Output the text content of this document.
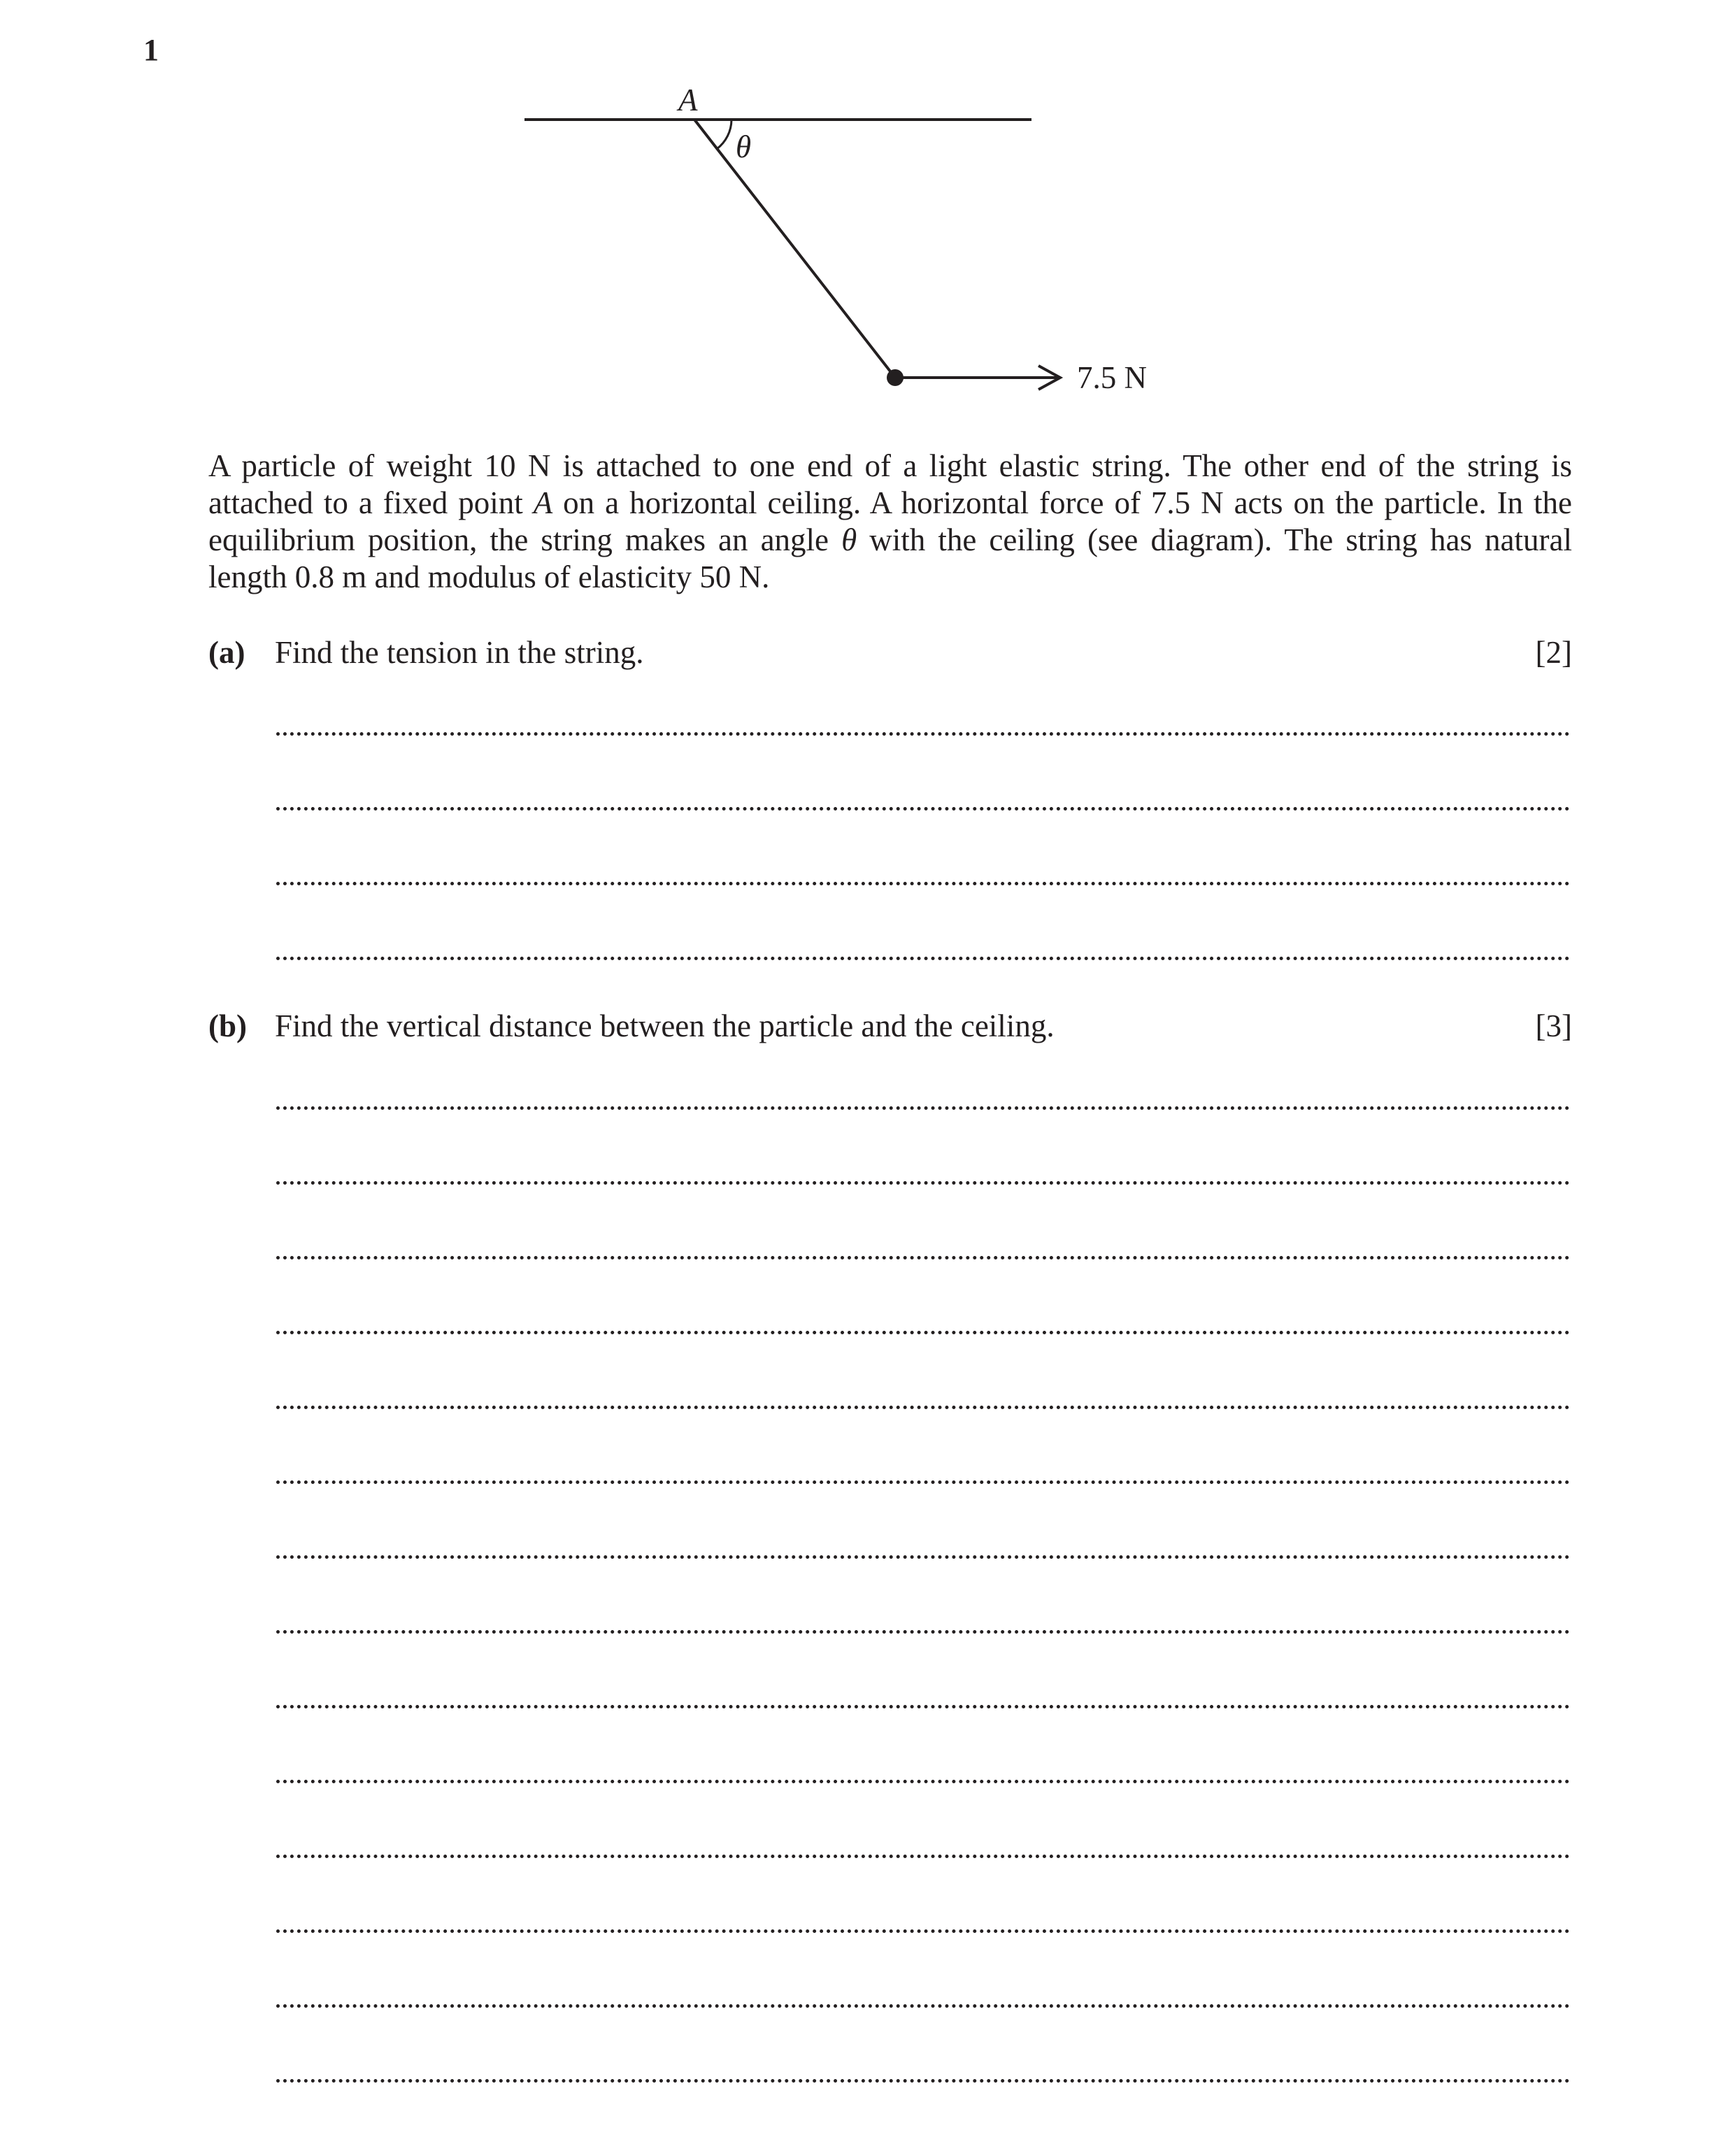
1
A
θ
7.5 N

A particle of weight 10 N is attached to one end of a light elastic string. The other end of the string is attached to a fixed point A on a horizontal ceiling. A horizontal force of 7.5 N acts on the particle. In the equilibrium position, the string makes an angle θ with the ceiling (see diagram). The string has natural length 0.8 m and modulus of elasticity 50 N.

(a) Find the tension in the string.	[2]
(b) Find the vertical distance between the particle and the ceiling.	[3]
